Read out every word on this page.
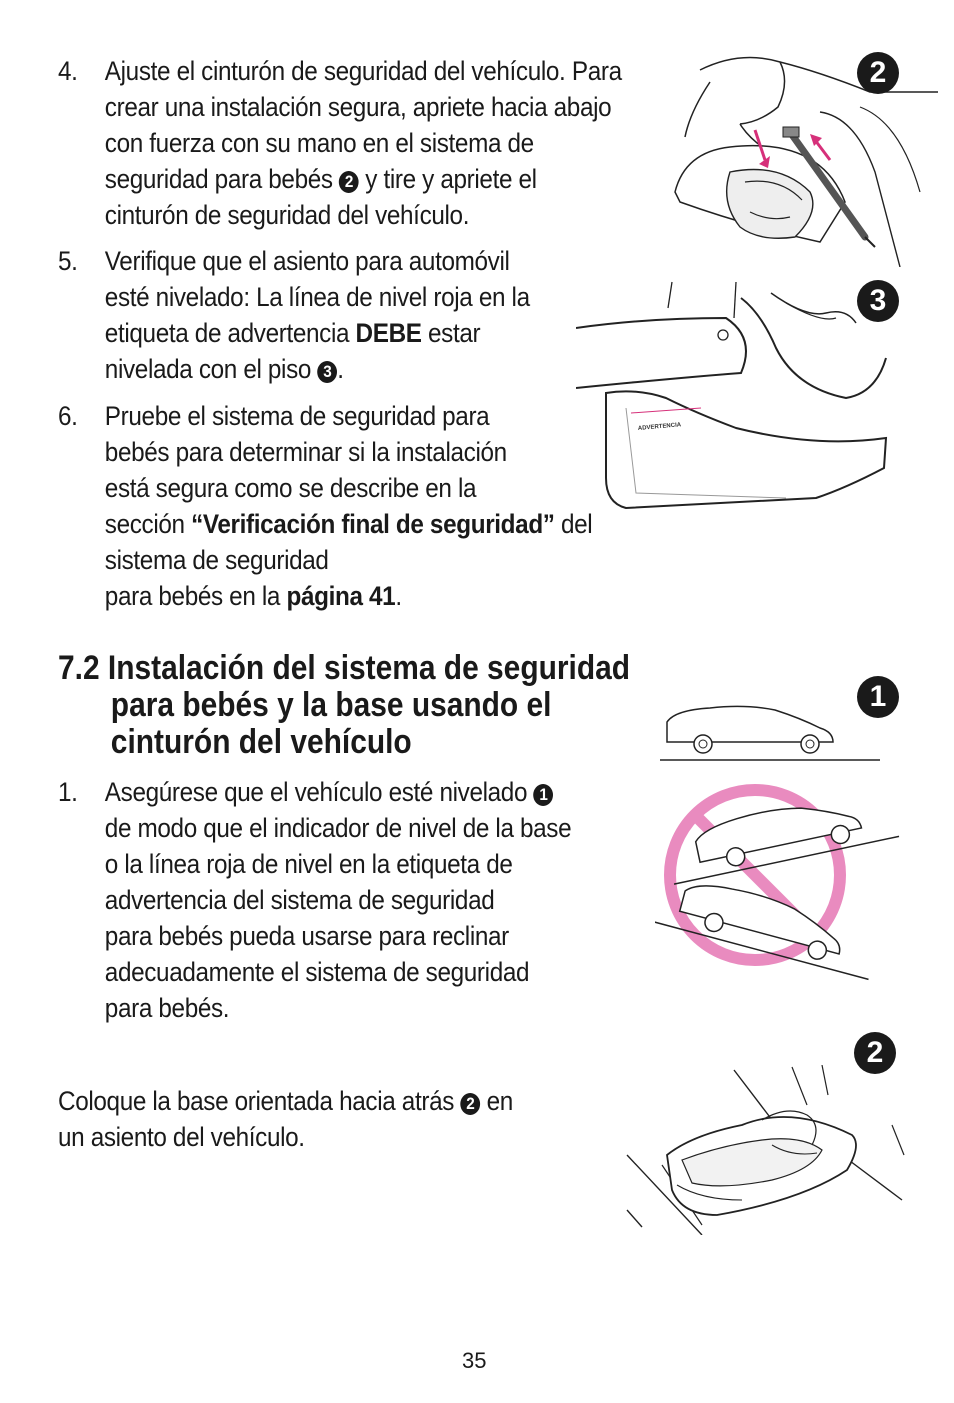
4. Ajuste el cinturón de seguridad del vehículo. Para
crear una instalación segura, apriete hacia abajo
con fuerza con su mano en el sistema de
seguridad para bebés 2 y tire y apriete el
cinturón de seguridad del vehículo.
5. Verifique que el asiento para automóvil
esté nivelado: La línea de nivel roja en la
etiqueta de advertencia DEBE estar
nivelada con el piso 3 .
6. Pruebe el sistema de seguridad para
bebés para determinar si la instalación
está segura como se describe en la
sección “Verificación final de seguridad” del
sistema de seguridad
para bebés en la página 41.
7.2 Instalación del sistema de seguridad
para bebés y la base usando el
cinturón del vehículo
1. Asegúrese que el vehículo esté nivelado 1
de modo que el indicador de nivel de la base
o la línea roja de nivel en la etiqueta de
advertencia del sistema de seguridad
para bebés pueda usarse para reclinar
adecuadamente el sistema de seguridad
para bebés.
Coloque la base orientada hacia atrás 2 en
un asiento del vehículo.
2
ADVERTENCIA
3
1
2
35
